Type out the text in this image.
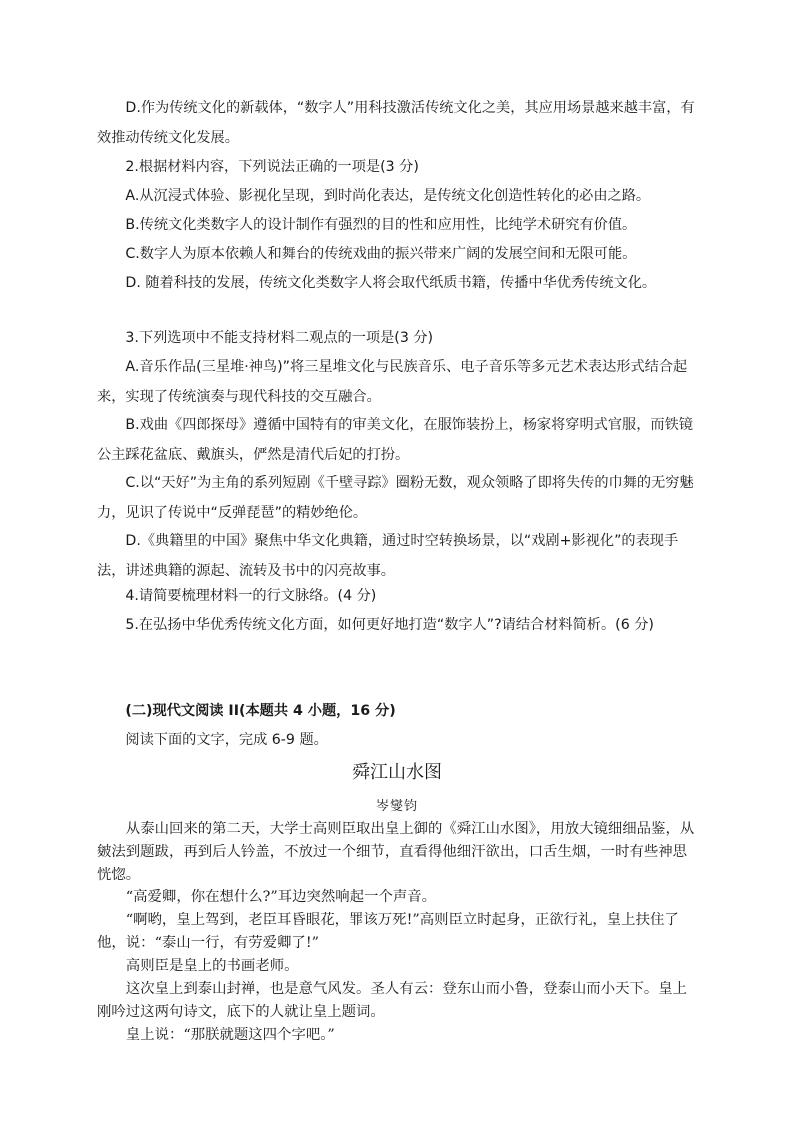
D.作为传统文化的新载体，“数字人”用科技激活传统文化之美，其应用场景越来越丰富，有效推动传统文化发展。

2.根据材料内容，下列说法正确的一项是(3 分)

A.从沉浸式体验、影视化呈现，到时尚化表达，是传统文化创造性转化的必由之路。

B.传统文化类数字人的设计制作有强烈的目的性和应用性，比纯学术研究有价值。

C.数字人为原本依赖人和舞台的传统戏曲的振兴带来广阔的发展空间和无限可能。

D. 随着科技的发展，传统文化类数字人将会取代纸质书籍，传播中华优秀传统文化。

3.下列选项中不能支持材料二观点的一项是(3 分)

A.音乐作品(三星堆·神鸟)”将三星堆文化与民族音乐、电子音乐等多元艺术表达形式结合起来，实现了传统演奏与现代科技的交互融合。

B.戏曲《四郎探母》遵循中国特有的审美文化，在服饰装扮上，杨家将穿明式官服，而铁镜公主踩花盆底、戴旗头，俨然是清代后妃的打扮。

C.以“天好”为主角的系列短剧《千壁寻踪》圈粉无数，观众领略了即将失传的巾舞的无穷魅力，见识了传说中“反弹琵琶”的精妙绝伦。

D.《典籍里的中国》聚焦中华文化典籍，通过时空转换场景，以“戏剧+影视化”的表现手法，讲述典籍的源起、流转及书中的闪亮故事。

4.请简要梳理材料一的行文脉络。(4 分)

5.在弘扬中华优秀传统文化方面，如何更好地打造“数字人”?请结合材料简析。(6 分)

(二)现代文阅读 II(本题共 4 小题，16 分)

阅读下面的文字，完成 6-9 题。

舜江山水图
岑燮钧

从泰山回来的第二天，大学士高则臣取出皇上御的《舜江山水图》，用放大镜细细品鉴，从皴法到题跋，再到后人钤盖，不放过一个细节，直看得他细汗欲出，口舌生烟，一时有些神思恍惚。

“高爱卿，你在想什么?”耳边突然响起一个声音。

“啊哟，皇上驾到，老臣耳昏眼花，罪该万死!”高则臣立时起身，正欲行礼，皇上扶住了他，说：“泰山一行，有劳爱卿了!”

高则臣是皇上的书画老师。

这次皇上到泰山封禅，也是意气风发。圣人有云：登东山而小鲁，登泰山而小天下。皇上刚吟过这两句诗文，底下的人就让皇上题词。

皇上说：“那朕就题这四个字吧。”
